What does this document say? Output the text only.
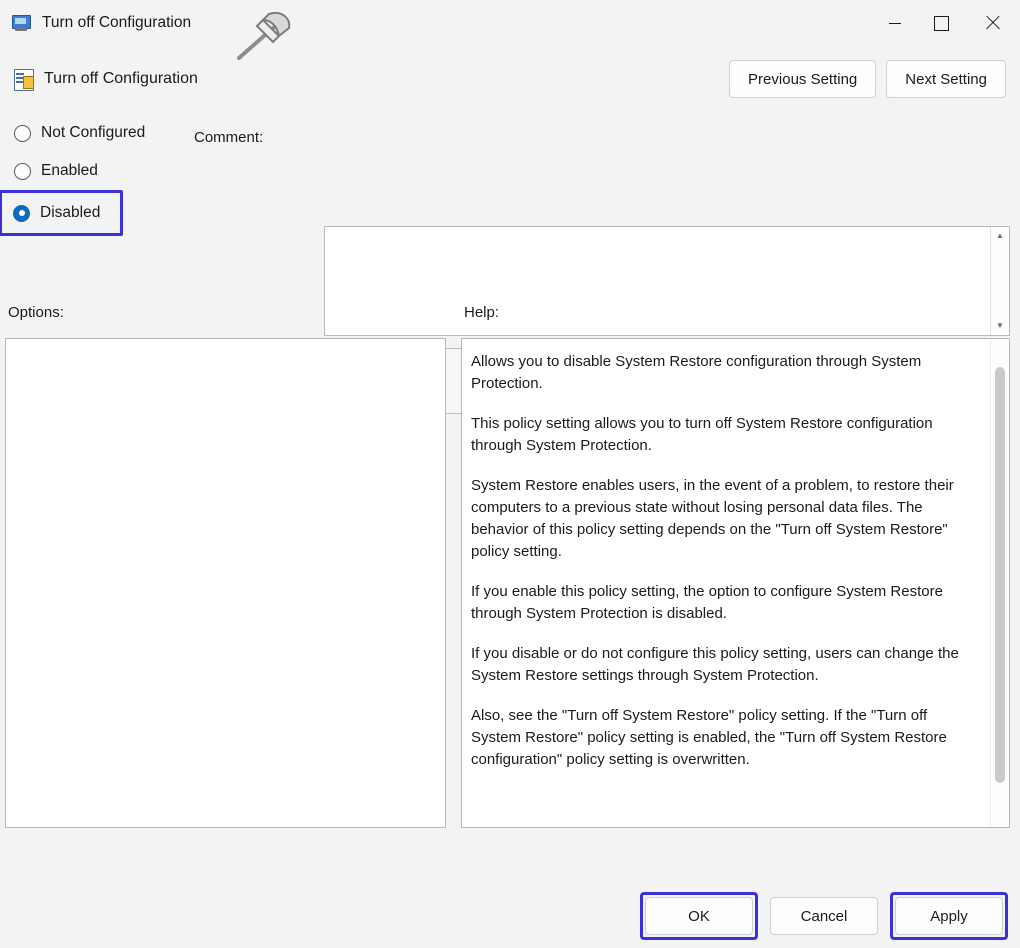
Turn off Configuration
Turn off Configuration	Previous Setting	Next Setting
Not Configured
Enabled
Disabled
Comment:
▲
▼
Options:	Help:

Allows you to disable System Restore configuration through System Protection.

This policy setting allows you to turn off System Restore configuration through System Protection.

System Restore enables users, in the event of a problem, to restore their computers to a previous state without losing personal data files. The behavior of this policy setting depends on the "Turn off System Restore" policy setting.

If you enable this policy setting, the option to configure System Restore through System Protection is disabled.

If you disable or do not configure this policy setting, users can change the System Restore settings through System Protection.

Also, see the "Turn off System Restore" policy setting. If the "Turn off System Restore" policy setting is enabled, the "Turn off System Restore configuration" policy setting is overwritten.

OK	Cancel	Apply
